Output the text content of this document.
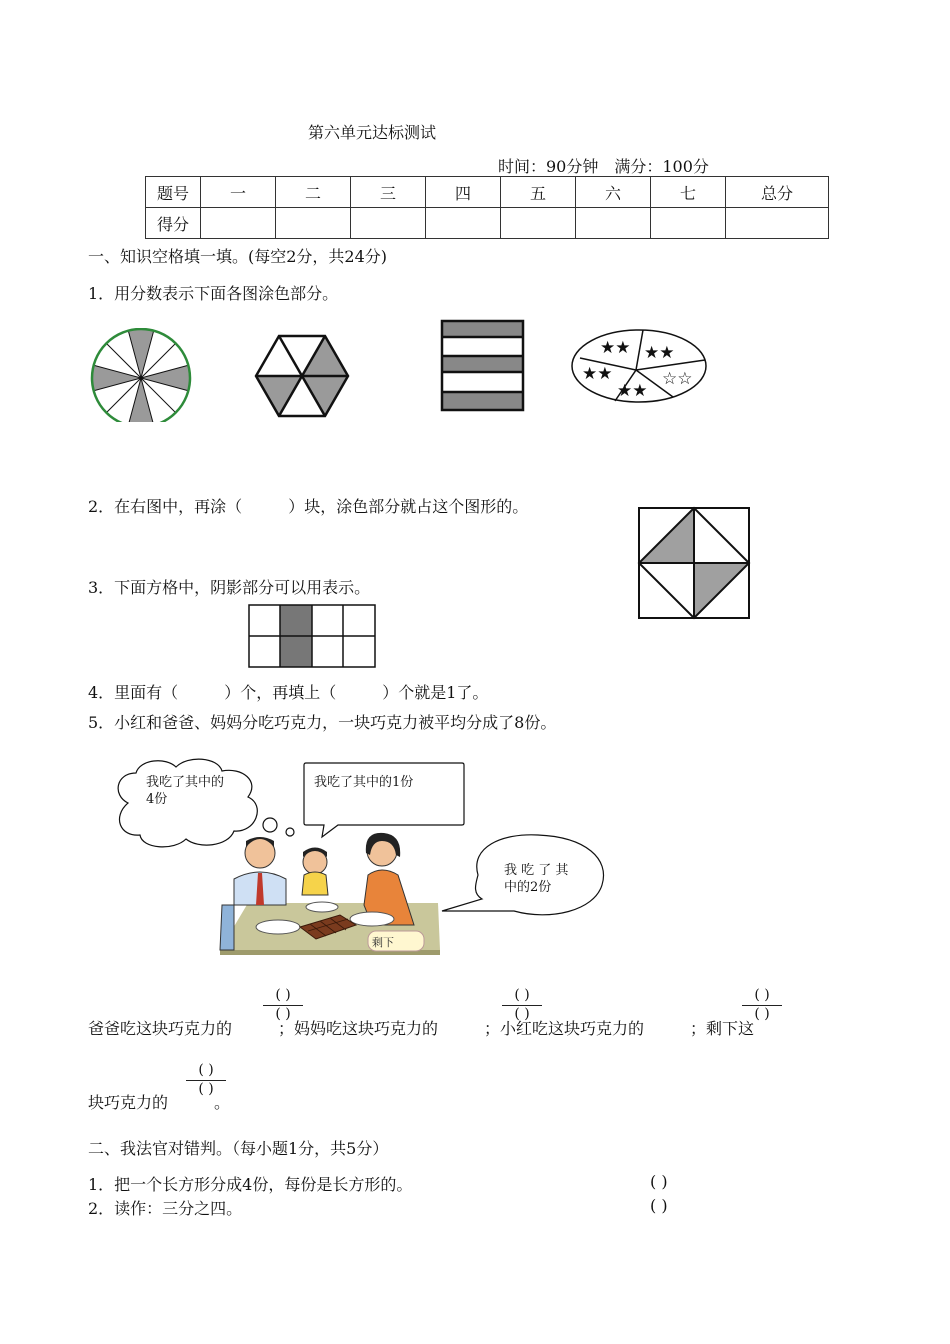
第六单元达标测试
时间：90分钟　满分：100分
题号	一	二	三	四	五	六	七	总分
得分								
一、知识空格填一填。(每空2分，共24分)
1．用分数表示下面各图涂色部分。
★★ ★★
★★	☆☆
★★
2．在右图中，再涂（	）块，涂色部分就占这个图形的。
3．下面方格中，阴影部分可以用表示。
4．里面有（	）个，再填上（	）个就是1了。
5．小红和爸爸、妈妈分吃巧克力，一块巧克力被平均分成了8份。
剩下
我吃了其中的4份
我吃了其中的1份
我 吃 了 其中的2份
爸爸吃这块巧克力的	；妈妈吃这块巧克力的	；小红吃这块巧克力的	；剩下这
( )
( )
( )
( )
( )
( )
块巧克力的	。
( )
( )
二、我法官对错判。（每小题1分，共5分）
1．把一个长方形分成4份，每份是长方形的。	( )
2．读作：三分之四。	( )
